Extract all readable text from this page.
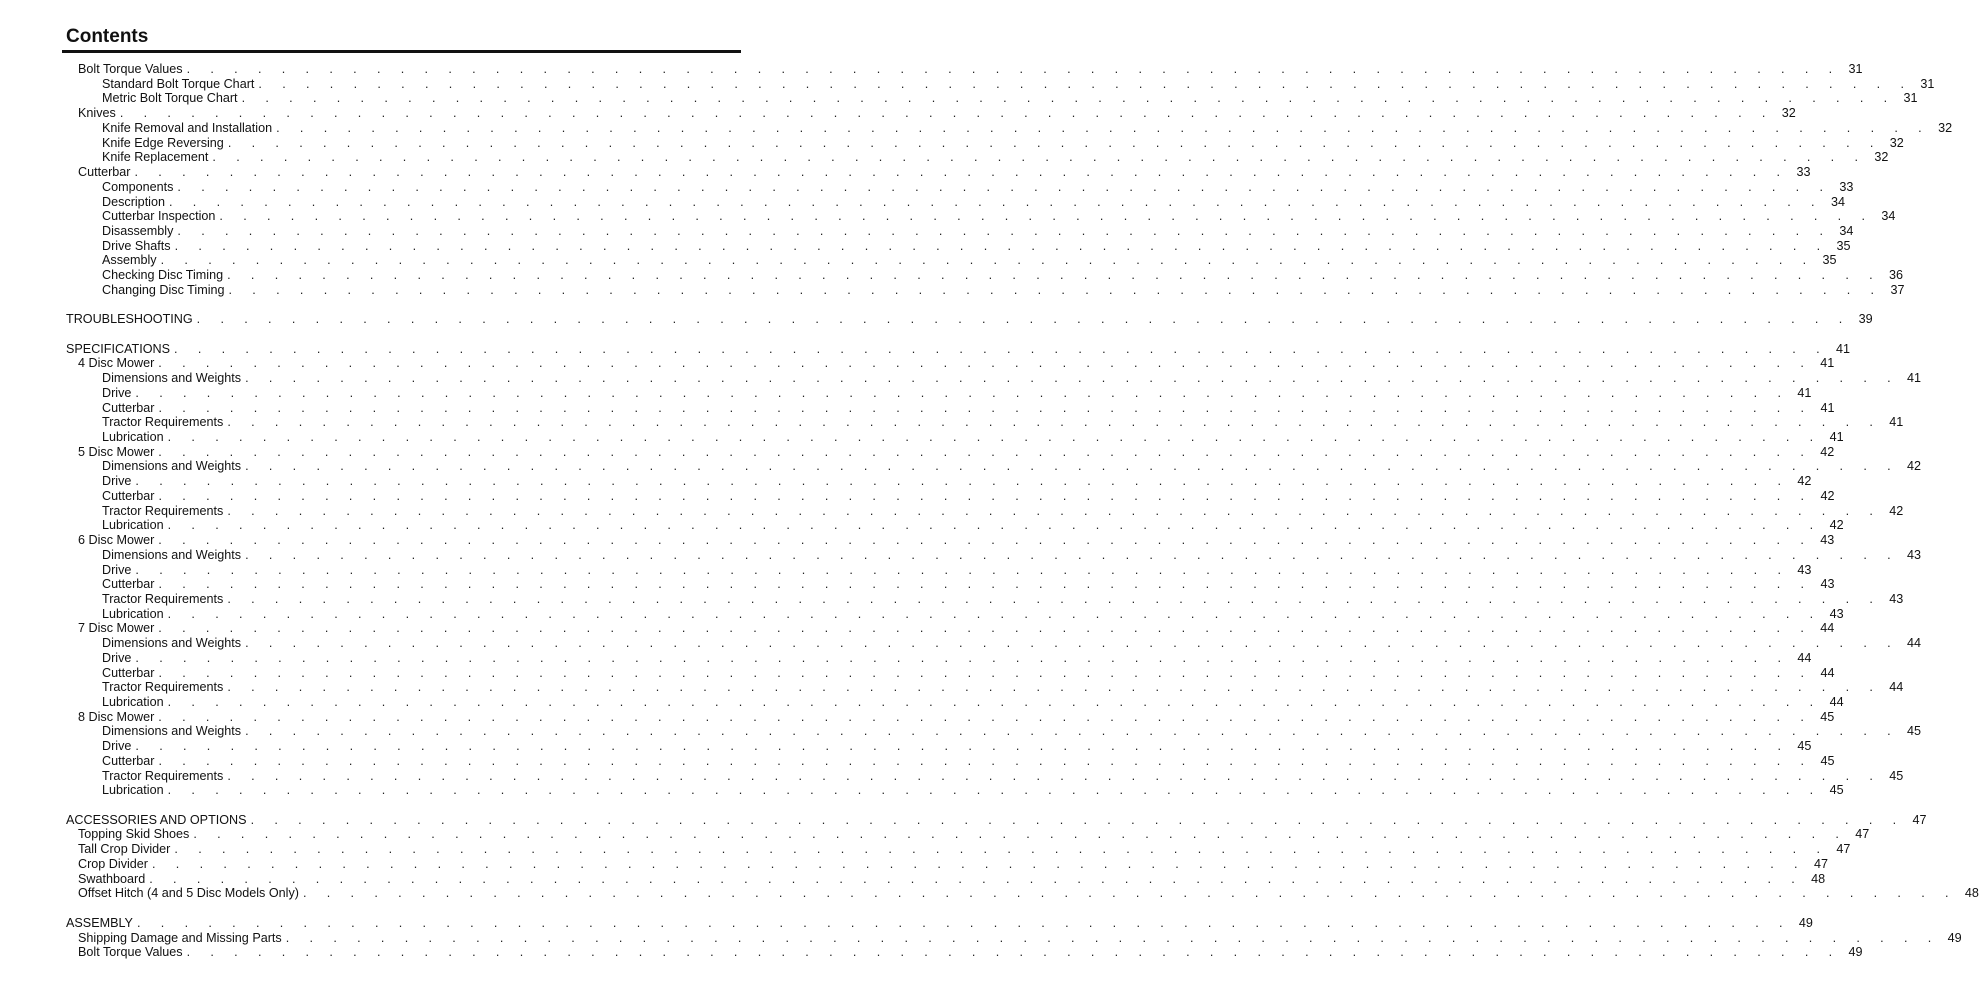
Contents
Bolt Torque Values . . . . . . . . . . . . . . . . . . . . . . . . . . . . . . . . . . . . . . . . . . . . . . . . . . . . . . . . . . . . . . . . . . . . . . 31
Standard Bolt Torque Chart . . . . . . . . . . . . . . . . . . . . . . . . . . . . . . . . . . . . . . . . . . . . . . . . . . . . . . . . . . . . . . . . . . . . . . 31
Metric Bolt Torque Chart . . . . . . . . . . . . . . . . . . . . . . . . . . . . . . . . . . . . . . . . . . . . . . . . . . . . . . . . . . . . . . . . . . . . . . 31
Knives . . . . . . . . . . . . . . . . . . . . . . . . . . . . . . . . . . . . . . . . . . . . . . . . . . . . . . . . . . . . . . . . . . . . . . 32
Knife Removal and Installation . . . . . . . . . . . . . . . . . . . . . . . . . . . . . . . . . . . . . . . . . . . . . . . . . . . . . . . . . . . . . . . . . . . . . . 32
Knife Edge Reversing . . . . . . . . . . . . . . . . . . . . . . . . . . . . . . . . . . . . . . . . . . . . . . . . . . . . . . . . . . . . . . . . . . . . . . 32
Knife Replacement . . . . . . . . . . . . . . . . . . . . . . . . . . . . . . . . . . . . . . . . . . . . . . . . . . . . . . . . . . . . . . . . . . . . . . 32
Cutterbar . . . . . . . . . . . . . . . . . . . . . . . . . . . . . . . . . . . . . . . . . . . . . . . . . . . . . . . . . . . . . . . . . . . . . . 33
Components . . . . . . . . . . . . . . . . . . . . . . . . . . . . . . . . . . . . . . . . . . . . . . . . . . . . . . . . . . . . . . . . . . . . . . 33
Description . . . . . . . . . . . . . . . . . . . . . . . . . . . . . . . . . . . . . . . . . . . . . . . . . . . . . . . . . . . . . . . . . . . . . . 34
Cutterbar Inspection . . . . . . . . . . . . . . . . . . . . . . . . . . . . . . . . . . . . . . . . . . . . . . . . . . . . . . . . . . . . . . . . . . . . . . 34
Disassembly . . . . . . . . . . . . . . . . . . . . . . . . . . . . . . . . . . . . . . . . . . . . . . . . . . . . . . . . . . . . . . . . . . . . . . 34
Drive Shafts . . . . . . . . . . . . . . . . . . . . . . . . . . . . . . . . . . . . . . . . . . . . . . . . . . . . . . . . . . . . . . . . . . . . . . 35
Assembly . . . . . . . . . . . . . . . . . . . . . . . . . . . . . . . . . . . . . . . . . . . . . . . . . . . . . . . . . . . . . . . . . . . . . . 35
Checking Disc Timing . . . . . . . . . . . . . . . . . . . . . . . . . . . . . . . . . . . . . . . . . . . . . . . . . . . . . . . . . . . . . . . . . . . . . . 36
Changing Disc Timing . . . . . . . . . . . . . . . . . . . . . . . . . . . . . . . . . . . . . . . . . . . . . . . . . . . . . . . . . . . . . . . . . . . . . . 37
TROUBLESHOOTING . . . . . . . . . . . . . . . . . . . . . . . . . . . . . . . . . . . . . . . . . . . . . . . . . . . . . . . . . . . . . . . . . . . . . . 39
SPECIFICATIONS . . . . . . . . . . . . . . . . . . . . . . . . . . . . . . . . . . . . . . . . . . . . . . . . . . . . . . . . . . . . . . . . . . . . . . 41
4 Disc Mower . . . . . . . . . . . . . . . . . . . . . . . . . . . . . . . . . . . . . . . . . . . . . . . . . . . . . . . . . . . . . . . . . . . . . . 41
Dimensions and Weights . . . . . . . . . . . . . . . . . . . . . . . . . . . . . . . . . . . . . . . . . . . . . . . . . . . . . . . . . . . . . . . . . . . . . . 41
Drive . . . . . . . . . . . . . . . . . . . . . . . . . . . . . . . . . . . . . . . . . . . . . . . . . . . . . . . . . . . . . . . . . . . . . . 41
Cutterbar . . . . . . . . . . . . . . . . . . . . . . . . . . . . . . . . . . . . . . . . . . . . . . . . . . . . . . . . . . . . . . . . . . . . . . 41
Tractor Requirements . . . . . . . . . . . . . . . . . . . . . . . . . . . . . . . . . . . . . . . . . . . . . . . . . . . . . . . . . . . . . . . . . . . . . . 41
Lubrication . . . . . . . . . . . . . . . . . . . . . . . . . . . . . . . . . . . . . . . . . . . . . . . . . . . . . . . . . . . . . . . . . . . . . . 41
5 Disc Mower . . . . . . . . . . . . . . . . . . . . . . . . . . . . . . . . . . . . . . . . . . . . . . . . . . . . . . . . . . . . . . . . . . . . . . 42
Dimensions and Weights . . . . . . . . . . . . . . . . . . . . . . . . . . . . . . . . . . . . . . . . . . . . . . . . . . . . . . . . . . . . . . . . . . . . . . 42
Drive . . . . . . . . . . . . . . . . . . . . . . . . . . . . . . . . . . . . . . . . . . . . . . . . . . . . . . . . . . . . . . . . . . . . . . 42
Cutterbar . . . . . . . . . . . . . . . . . . . . . . . . . . . . . . . . . . . . . . . . . . . . . . . . . . . . . . . . . . . . . . . . . . . . . . 42
Tractor Requirements . . . . . . . . . . . . . . . . . . . . . . . . . . . . . . . . . . . . . . . . . . . . . . . . . . . . . . . . . . . . . . . . . . . . . . 42
Lubrication . . . . . . . . . . . . . . . . . . . . . . . . . . . . . . . . . . . . . . . . . . . . . . . . . . . . . . . . . . . . . . . . . . . . . . 42
6 Disc Mower . . . . . . . . . . . . . . . . . . . . . . . . . . . . . . . . . . . . . . . . . . . . . . . . . . . . . . . . . . . . . . . . . . . . . . 43
Dimensions and Weights . . . . . . . . . . . . . . . . . . . . . . . . . . . . . . . . . . . . . . . . . . . . . . . . . . . . . . . . . . . . . . . . . . . . . . 43
Drive . . . . . . . . . . . . . . . . . . . . . . . . . . . . . . . . . . . . . . . . . . . . . . . . . . . . . . . . . . . . . . . . . . . . . . 43
Cutterbar . . . . . . . . . . . . . . . . . . . . . . . . . . . . . . . . . . . . . . . . . . . . . . . . . . . . . . . . . . . . . . . . . . . . . . 43
Tractor Requirements . . . . . . . . . . . . . . . . . . . . . . . . . . . . . . . . . . . . . . . . . . . . . . . . . . . . . . . . . . . . . . . . . . . . . . 43
Lubrication . . . . . . . . . . . . . . . . . . . . . . . . . . . . . . . . . . . . . . . . . . . . . . . . . . . . . . . . . . . . . . . . . . . . . . 43
7 Disc Mower . . . . . . . . . . . . . . . . . . . . . . . . . . . . . . . . . . . . . . . . . . . . . . . . . . . . . . . . . . . . . . . . . . . . . . 44
Dimensions and Weights . . . . . . . . . . . . . . . . . . . . . . . . . . . . . . . . . . . . . . . . . . . . . . . . . . . . . . . . . . . . . . . . . . . . . . 44
Drive . . . . . . . . . . . . . . . . . . . . . . . . . . . . . . . . . . . . . . . . . . . . . . . . . . . . . . . . . . . . . . . . . . . . . . 44
Cutterbar . . . . . . . . . . . . . . . . . . . . . . . . . . . . . . . . . . . . . . . . . . . . . . . . . . . . . . . . . . . . . . . . . . . . . . 44
Tractor Requirements . . . . . . . . . . . . . . . . . . . . . . . . . . . . . . . . . . . . . . . . . . . . . . . . . . . . . . . . . . . . . . . . . . . . . . 44
Lubrication . . . . . . . . . . . . . . . . . . . . . . . . . . . . . . . . . . . . . . . . . . . . . . . . . . . . . . . . . . . . . . . . . . . . . . 44
8 Disc Mower . . . . . . . . . . . . . . . . . . . . . . . . . . . . . . . . . . . . . . . . . . . . . . . . . . . . . . . . . . . . . . . . . . . . . . 45
Dimensions and Weights . . . . . . . . . . . . . . . . . . . . . . . . . . . . . . . . . . . . . . . . . . . . . . . . . . . . . . . . . . . . . . . . . . . . . . 45
Drive . . . . . . . . . . . . . . . . . . . . . . . . . . . . . . . . . . . . . . . . . . . . . . . . . . . . . . . . . . . . . . . . . . . . . . 45
Cutterbar . . . . . . . . . . . . . . . . . . . . . . . . . . . . . . . . . . . . . . . . . . . . . . . . . . . . . . . . . . . . . . . . . . . . . . 45
Tractor Requirements . . . . . . . . . . . . . . . . . . . . . . . . . . . . . . . . . . . . . . . . . . . . . . . . . . . . . . . . . . . . . . . . . . . . . . 45
Lubrication . . . . . . . . . . . . . . . . . . . . . . . . . . . . . . . . . . . . . . . . . . . . . . . . . . . . . . . . . . . . . . . . . . . . . . 45
ACCESSORIES AND OPTIONS . . . . . . . . . . . . . . . . . . . . . . . . . . . . . . . . . . . . . . . . . . . . . . . . . . . . . . . . . . . . . . . . . . . . . . 47
Topping Skid Shoes . . . . . . . . . . . . . . . . . . . . . . . . . . . . . . . . . . . . . . . . . . . . . . . . . . . . . . . . . . . . . . . . . . . . . . 47
Tall Crop Divider . . . . . . . . . . . . . . . . . . . . . . . . . . . . . . . . . . . . . . . . . . . . . . . . . . . . . . . . . . . . . . . . . . . . . . 47
Crop Divider . . . . . . . . . . . . . . . . . . . . . . . . . . . . . . . . . . . . . . . . . . . . . . . . . . . . . . . . . . . . . . . . . . . . . . 47
Swathboard . . . . . . . . . . . . . . . . . . . . . . . . . . . . . . . . . . . . . . . . . . . . . . . . . . . . . . . . . . . . . . . . . . . . . . 48
Offset Hitch (4 and 5 Disc Models Only) . . . . . . . . . . . . . . . . . . . . . . . . . . . . . . . . . . . . . . . . . . . . . . . . . . . . . . . . . . . . . . . . . . . . . . 48
ASSEMBLY . . . . . . . . . . . . . . . . . . . . . . . . . . . . . . . . . . . . . . . . . . . . . . . . . . . . . . . . . . . . . . . . . . . . . . 49
Shipping Damage and Missing Parts . . . . . . . . . . . . . . . . . . . . . . . . . . . . . . . . . . . . . . . . . . . . . . . . . . . . . . . . . . . . . . . . . . . . . . 49
Bolt Torque Values . . . . . . . . . . . . . . . . . . . . . . . . . . . . . . . . . . . . . . . . . . . . . . . . . . . . . . . . . . . . . . . . . . . . . . 49
